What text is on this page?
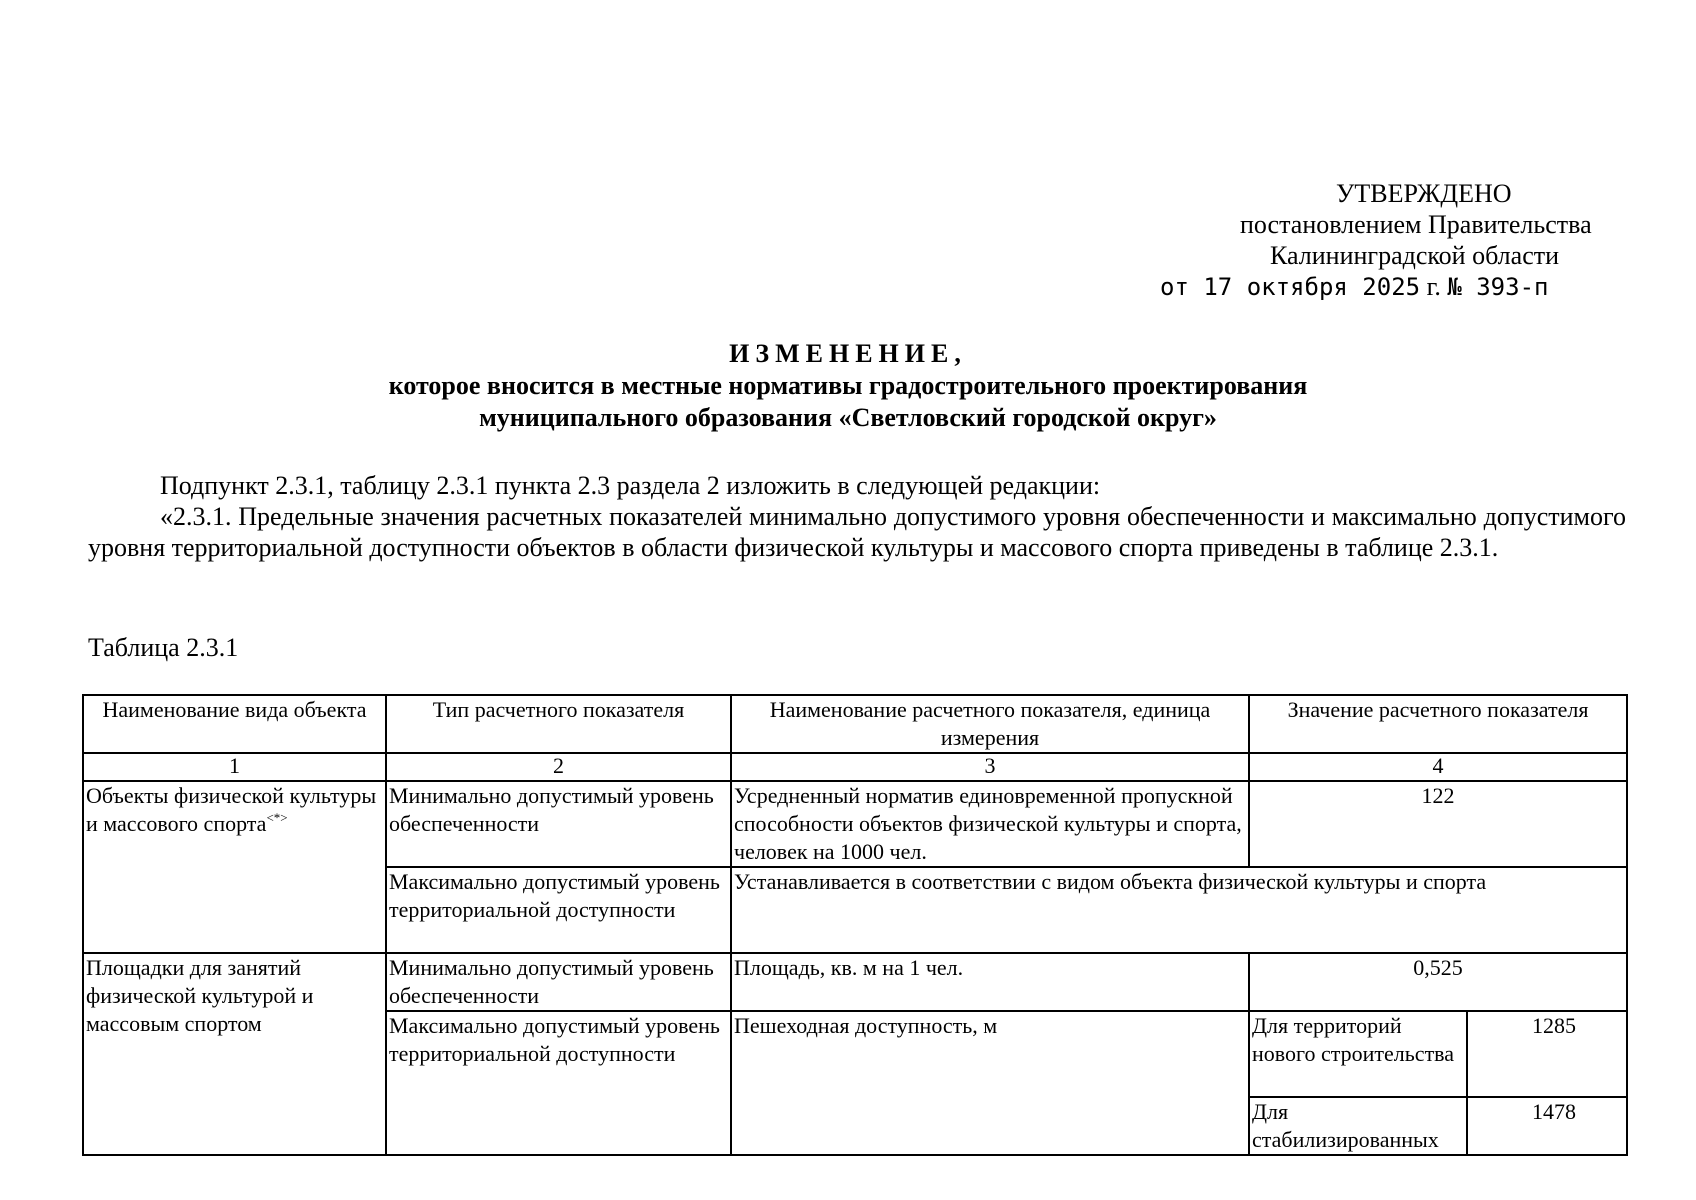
УТВЕРЖДЕНО
постановлением Правительства
Калининградской области
от 17 октября 2025 г. № 393-п
ИЗМЕНЕНИЕ,
которое вносится в местные нормативы градостроительного проектирования
муниципального образования «Светловский городской округ»

Подпункт 2.3.1, таблицу 2.3.1 пункта 2.3 раздела 2 изложить в следующей редакции:

«2.3.1. Предельные значения расчетных показателей минимально допустимого уровня обеспеченности и максимально допустимого уровня территориальной доступности объектов в области физической культуры и массового спорта приведены в таблице 2.3.1.

Таблица 2.3.1
Наименование вида объекта	Тип расчетного показателя	Наименование расчетного показателя, единица измерения	Значение расчетного показателя	
1	2	3	4	
Объекты физической культуры и массового спорта<*>	Минимально допустимый уровень обеспеченности	Усредненный норматив единовременной пропускной способности объектов физической культуры и спорта, человек на 1000 чел.	122	
	Максимально допустимый уровень территориальной доступности	Устанавливается в соответствии с видом объекта физической культуры и спорта		
Площадки для занятий физической культурой и массовым спортом	Минимально допустимый уровень обеспеченности	Площадь, кв. м на 1 чел.	0,525	
	Максимально допустимый уровень территориальной доступности	Пешеходная доступность, м	Для территорий нового строительства	1285
			Для стабилизированных	1478
